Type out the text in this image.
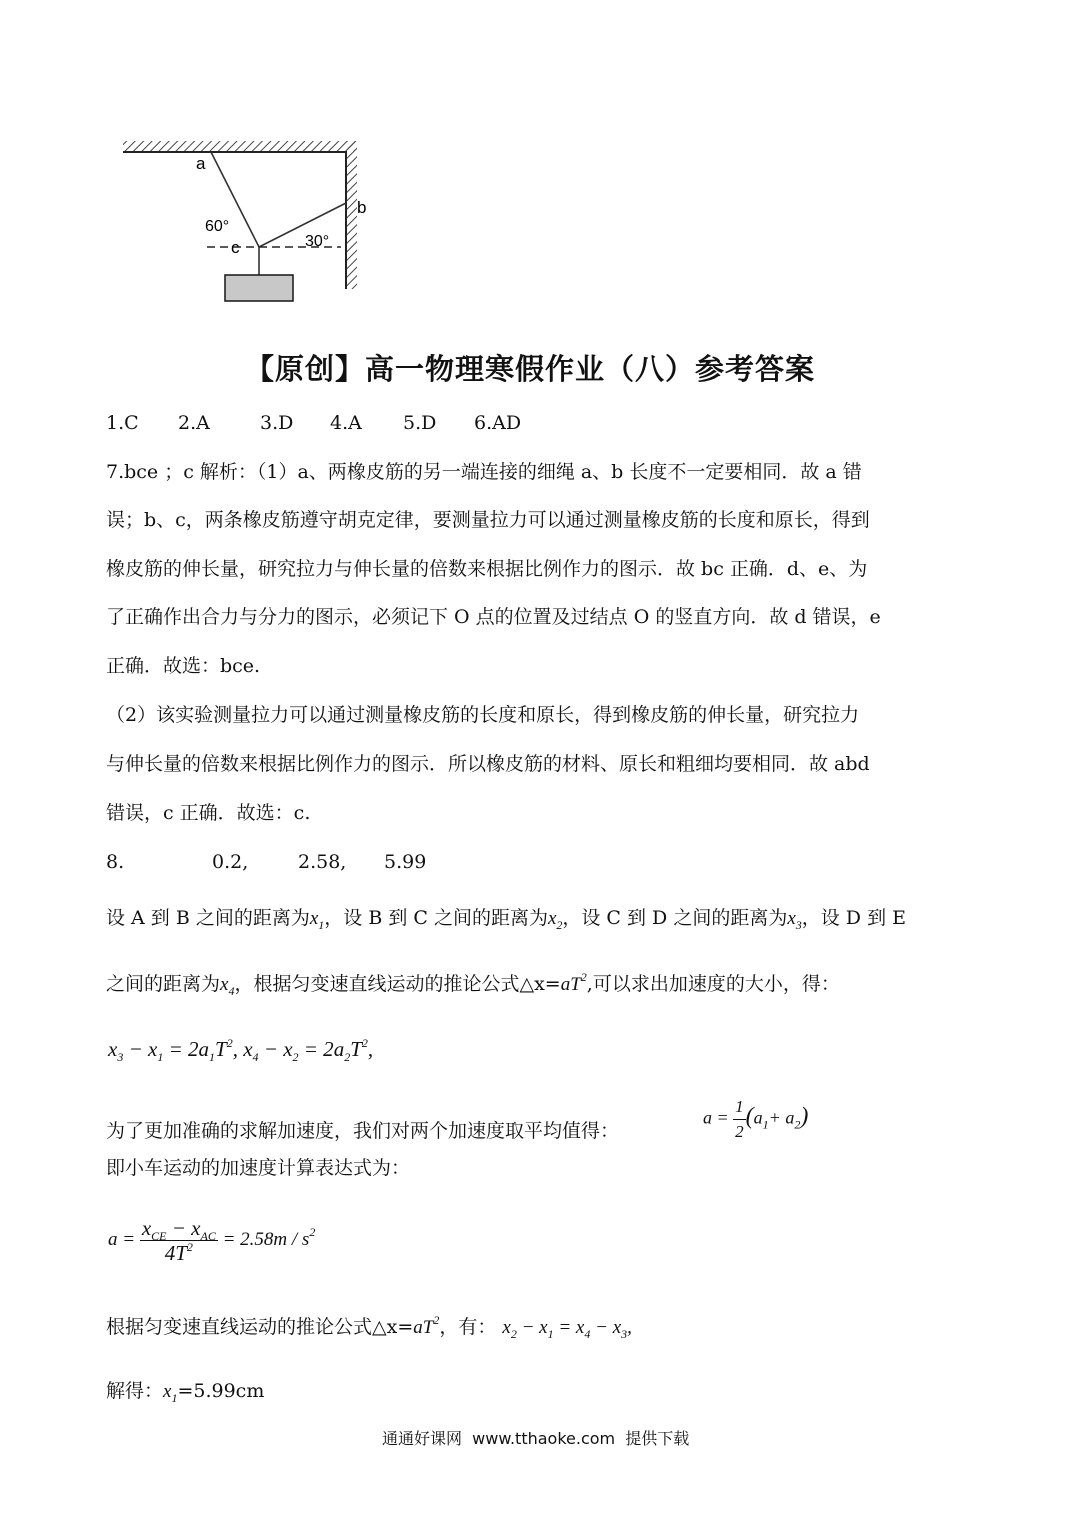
a
b
c
60°
30°
【原创】高一物理寒假作业（八）参考答案
1.C 2.A	3.D 4.A 5.D 6.AD
7.bce ；c 解析：（1）a、两橡皮筋的另一端连接的细绳 a、b 长度不一定要相同．故 a 错
误；b、c，两条橡皮筋遵守胡克定律，要测量拉力可以通过测量橡皮筋的长度和原长，得到
橡皮筋的伸长量，研究拉力与伸长量的倍数来根据比例作力的图示．故 bc 正确．d、e、为
了正确作出合力与分力的图示，必须记下 O 点的位置及过结点 O 的竖直方向．故 d 错误，e
正确．故选：bce.
（2）该实验测量拉力可以通过测量橡皮筋的长度和原长，得到橡皮筋的伸长量，研究拉力
与伸长量的倍数来根据比例作力的图示．所以橡皮筋的材料、原长和粗细均要相同．故 abd
错误，c 正确．故选：c.
8.	0.2,	2.58, 5.99
设 A 到 B 之间的距离为$x_1$，设 B 到 C 之间的距离为$x_2$，设 C 到 D 之间的距离为$x_3$，设 D 到 E
之间的距离为$x_4$，根据匀变速直线运动的推论公式$\triangle x=aT^2$,可以求出加速度的大小，得：
$x_3 - x_1 = 2a_1T^2$, $x_4 - x_2 = 2a_2T^2$,
为了更加准确的求解加速度，我们对两个加速度取平均值得：
$a = \frac{1}{2} (a_1+ a_2)$
即小车运动的加速度计算表达式为：
$a = \frac{x_{CE} - x_{AC}}{4T^2} = 2.58m / s^2$
根据匀变速直线运动的推论公式$\triangle x=aT^2$，有： $x_2 - x_1 = x_4 - x_3$,
解得：$x_1=5.99cm$
通通好课网  www.tthaoke.com  提供下载
